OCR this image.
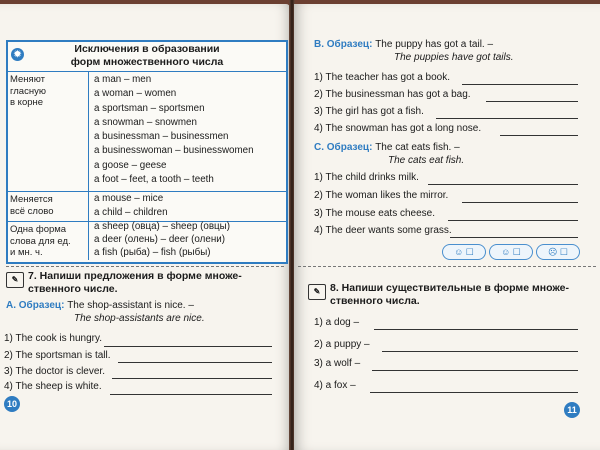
✹	Исключения в образовании
форм множественного числа
Меняют
гласную
в корне
a man – men
a woman – women
a sportsman – sportsmen
a snowman – snowmen
a businessman – businessmen
a businesswoman – businesswomen
a goose – geese
a foot – feet, a tooth – teeth
Меняется
всё слово
a mouse – mice
a child – children
Одна форма
слова для ед.
и мн. ч.
a sheep (овца) – sheep (овцы)
a deer (олень) – deer (олени)
a fish (рыба) – fish (рыбы)
✎ 7. Напиши предложения в форме множе-
ственного числе.
А. Образец: The shop-assistant is nice. –
The shop-assistants are nice.
1) The cook is hungry.
2) The sportsman is tall.
3) The doctor is clever.
4) The sheep is white.
10
B. Образец: The puppy has got a tail. –
The puppies have got tails.
1) The teacher has got a book.
2) The businessman has got a bag.
3) The girl has got a fish.
4) The snowman has got a long nose.
C. Образец: The cat eats fish. –
The cats eat fish.
1) The child drinks milk.
2) The woman likes the mirror.
3) The mouse eats cheese.
4) The deer wants some grass.
☺ ☐	☺ ☐	☹ ☐
✎ 8. Напиши существительные в форме множе-
ственного числа.
1) a dog –
2) a puppy –
3) a wolf –
4) a fox –
11
